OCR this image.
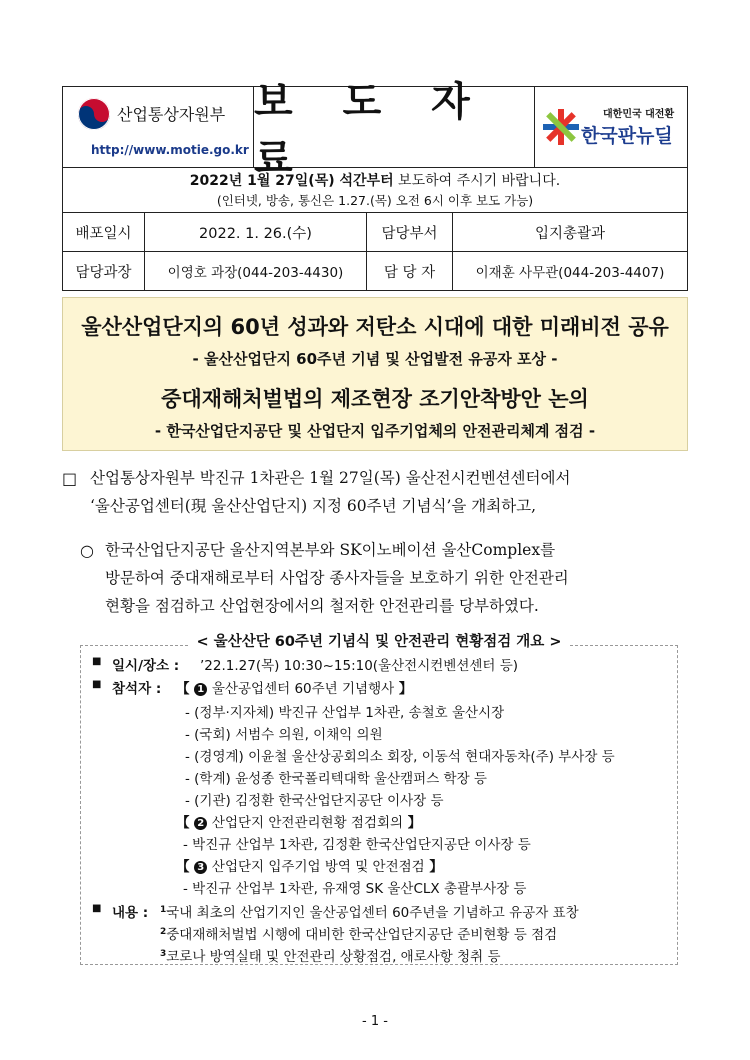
산업통상자원부
http://www.motie.go.kr
보 도 자 료
대한민국 대전환
한국판뉴딜
2022년 1월 27일(목) 석간부터 보도하여 주시기 바랍니다.
(인터넷, 방송, 통신은 1.27.(목) 오전 6시 이후 보도 가능)
배포일시	2022. 1. 26.(수)	담당부서	입지총괄과
담당과장	이영호 과장(044-203-4430)	담 당 자	이재훈 사무관(044-203-4407)
울산산업단지의 60년 성과와 저탄소 시대에 대한 미래비전 공유
- 울산산업단지 60주년 기념 및 산업발전 유공자 포상 -
중대재해처벌법의 제조현장 조기안착방안 논의
- 한국산업단지공단 및 산업단지 입주기업체의 안전관리체계 점검 -
□ 산업통상자원부 박진규 1차관은 1월 27일(목) 울산전시컨벤션센터에서
‘울산공업센터(現 울산산업단지) 지정 60주년 기념식’을 개최하고,
○ 한국산업단지공단 울산지역본부와 SK이노베이션 울산Complex를
방문하여 중대재해로부터 사업장 종사자들을 보호하기 위한 안전관리
현황을 점검하고 산업현장에서의 철저한 안전관리를 당부하였다.
< 울산산단 60주년 기념식 및 안전관리 현황점검 개요 >
■ 일시/장소 : ’22.1.27(목) 10:30~15:10(울산전시컨벤션센터 등)
■ 참석자 : 【 1 울산공업센터 60주년 기념행사 】
- (정부·지자체) 박진규 산업부 1차관, 송철호 울산시장
- (국회) 서범수 의원, 이채익 의원
- (경영계) 이윤철 울산상공회의소 회장, 이동석 현대자동차(주) 부사장 등
- (학계) 윤성종 한국폴리텍대학 울산캠퍼스 학장 등
- (기관) 김정환 한국산업단지공단 이사장 등
【 2 산업단지 안전관리현황 점검회의 】
- 박진규 산업부 1차관, 김정환 한국산업단지공단 이사장 등
【 3 산업단지 입주기업 방역 및 안전점검 】
- 박진규 산업부 1차관, 유재영 SK 울산CLX 총괄부사장 등
■ 내용 : $^1$국내 최초의 산업기지인 울산공업센터 60주년을 기념하고 유공자 표창
$^2$중대재해처벌법 시행에 대비한 한국산업단지공단 준비현황 등 점검
$^3$코로나 방역실태 및 안전관리 상황점검, 애로사항 청취 등
- 1 -
